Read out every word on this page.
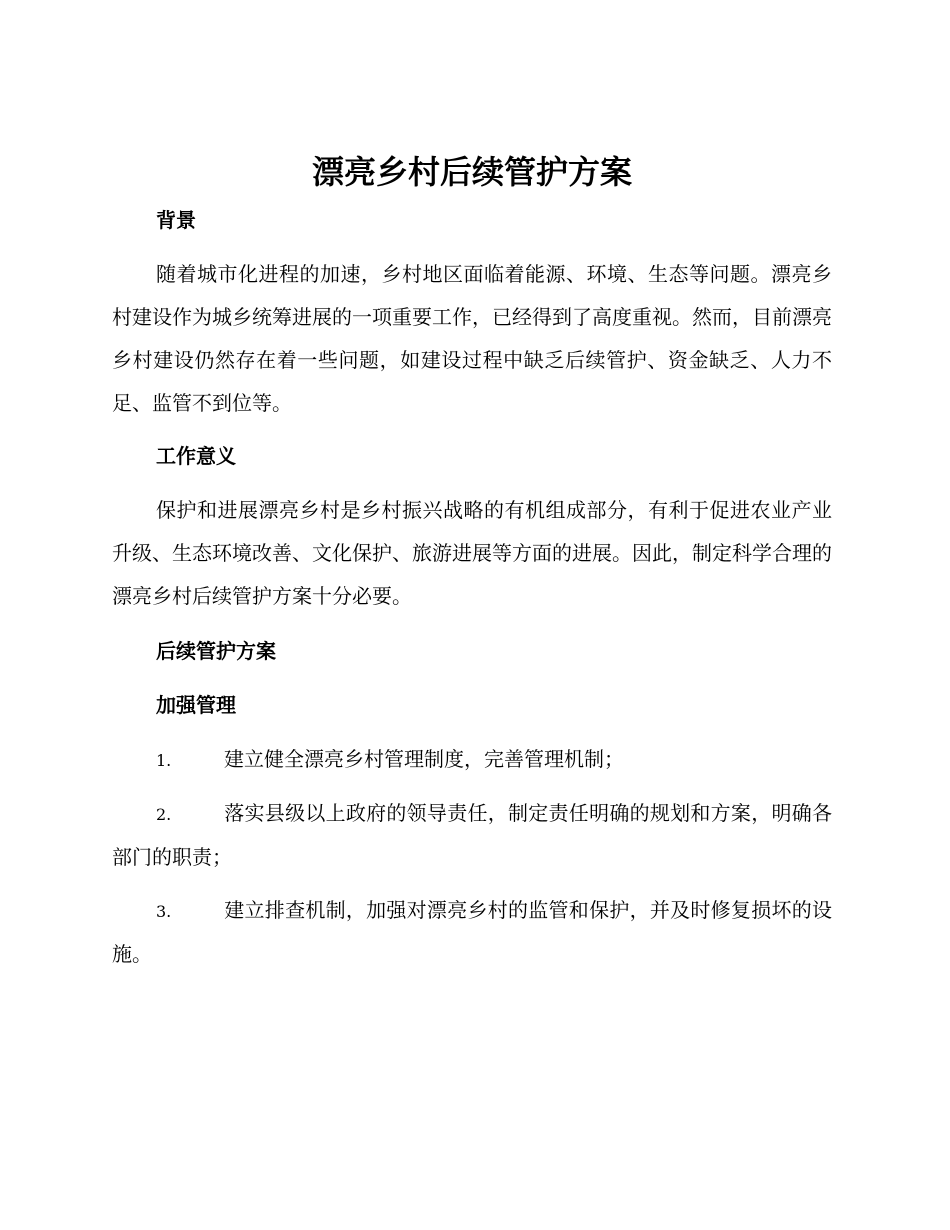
漂亮乡村后续管护方案
背景

随着城市化进程的加速，乡村地区面临着能源、环境、生态等问题。漂亮乡村建设作为城乡统筹进展的一项重要工作，已经得到了高度重视。然而，目前漂亮乡村建设仍然存在着一些问题，如建设过程中缺乏后续管护、资金缺乏、人力不足、监管不到位等。

工作意义

保护和进展漂亮乡村是乡村振兴战略的有机组成部分，有利于促进农业产业升级、生态环境改善、文化保护、旅游进展等方面的进展。因此，制定科学合理的漂亮乡村后续管护方案十分必要。

后续管护方案
加强管理

1.	建立健全漂亮乡村管理制度，完善管理机制；

2.	落实县级以上政府的领导责任，制定责任明确的规划和方案，明确各部门的职责；

3.	建立排查机制，加强对漂亮乡村的监管和保护，并及时修复损坏的设施。
